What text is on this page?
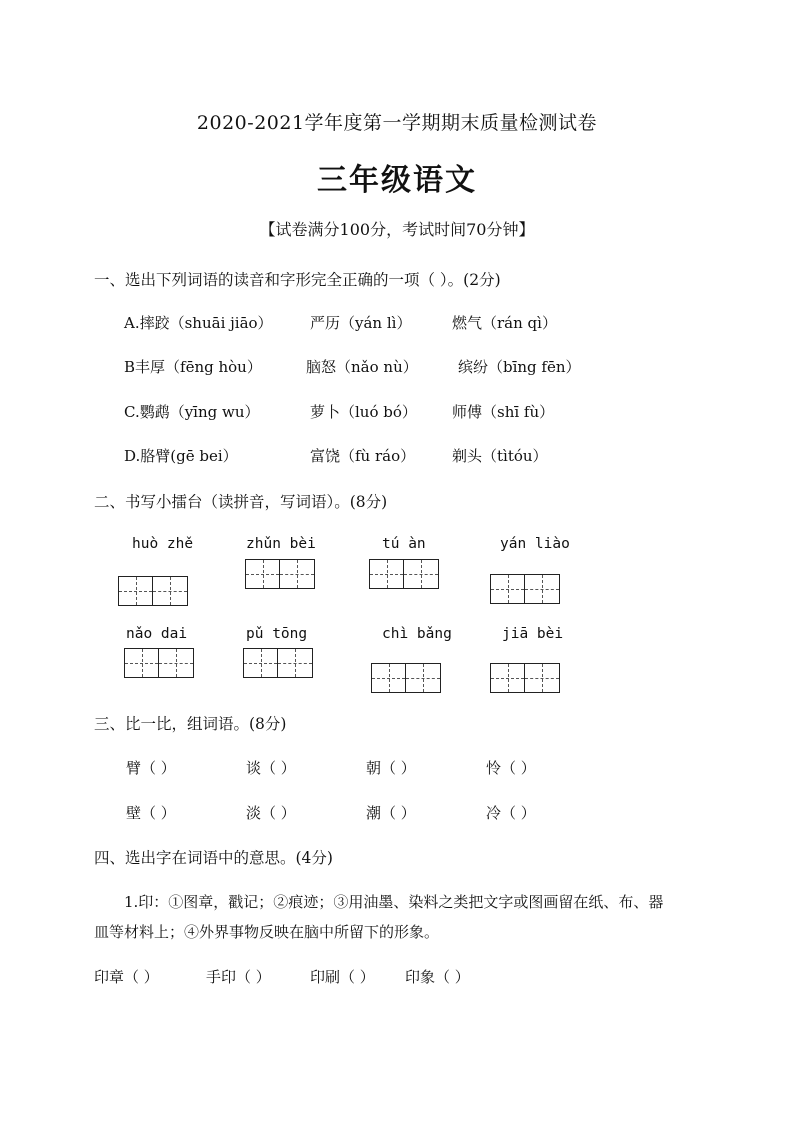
2020-2021学年度第一学期期末质量检测试卷
三年级语文
【试卷满分100分，考试时间70分钟】
一、选出下列词语的读音和字形完全正确的一项（ ）。(2分)
A.摔跤（shuāi jiāo） 严历（yán lì）	燃气（rán qì）
B丰厚（fēng hòu）	脑怒（nǎo nù）	缤纷（bīng fēn）
C.鹦鹉（yīng wu）	萝卜（luó bó） 师傅（shī fù）
D.胳臂(gē bei）	富饶（fù ráo） 剃头（tìtóu）
二、书写小擂台（读拼音，写词语）。(8分)
huò zhě	zhǔn bèi	tú àn	yán liào
nǎo dai	pǔ tōng	chì bǎng	jiā bèi
三、比一比，组词语。(8分)
臂（ ）	谈（ ）	朝（ ）	怜（ ）
壁（ ）	淡（ ）	潮（ ）	冷（ ）
四、选出字在词语中的意思。(4分)
1.印：①图章，戳记；②痕迹；③用油墨、染料之类把文字或图画留在纸、布、器
皿等材料上；④外界事物反映在脑中所留下的形象。
印章（ ）	手印（ ）	印刷（ ） 印象（ ）
